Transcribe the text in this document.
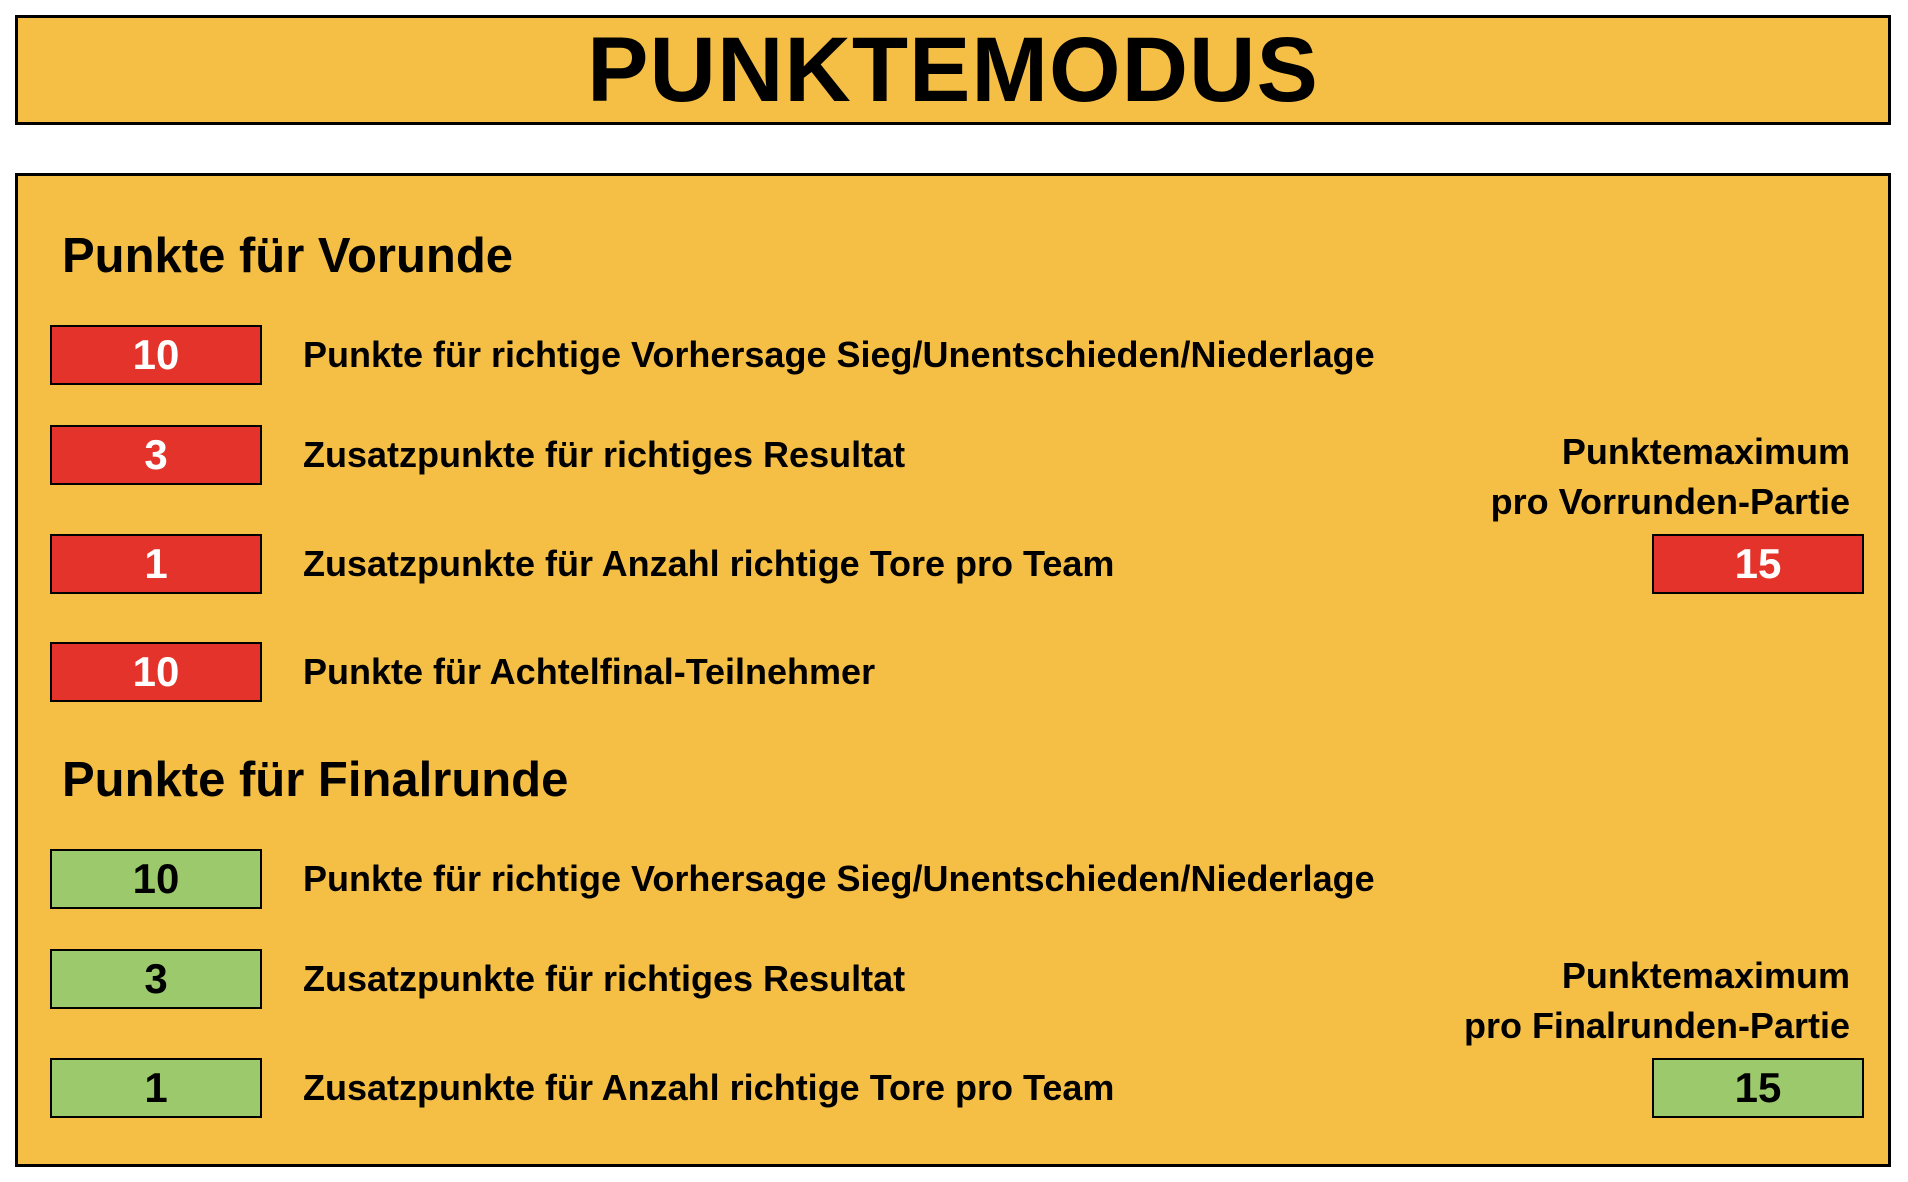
PUNKTEMODUS
Punkte für Vorunde
10	Punkte für richtige Vorhersage Sieg/Unentschieden/Niederlage
3	Zusatzpunkte für richtiges Resultat
1	Zusatzpunkte für Anzahl richtige Tore pro Team
10	Punkte für Achtelfinal-Teilnehmer
Punktemaximum
pro Vorrunden-Partie
15
Punkte für Finalrunde
10	Punkte für richtige Vorhersage Sieg/Unentschieden/Niederlage
3	Zusatzpunkte für richtiges Resultat
1	Zusatzpunkte für Anzahl richtige Tore pro Team
Punktemaximum
pro Finalrunden-Partie
15
